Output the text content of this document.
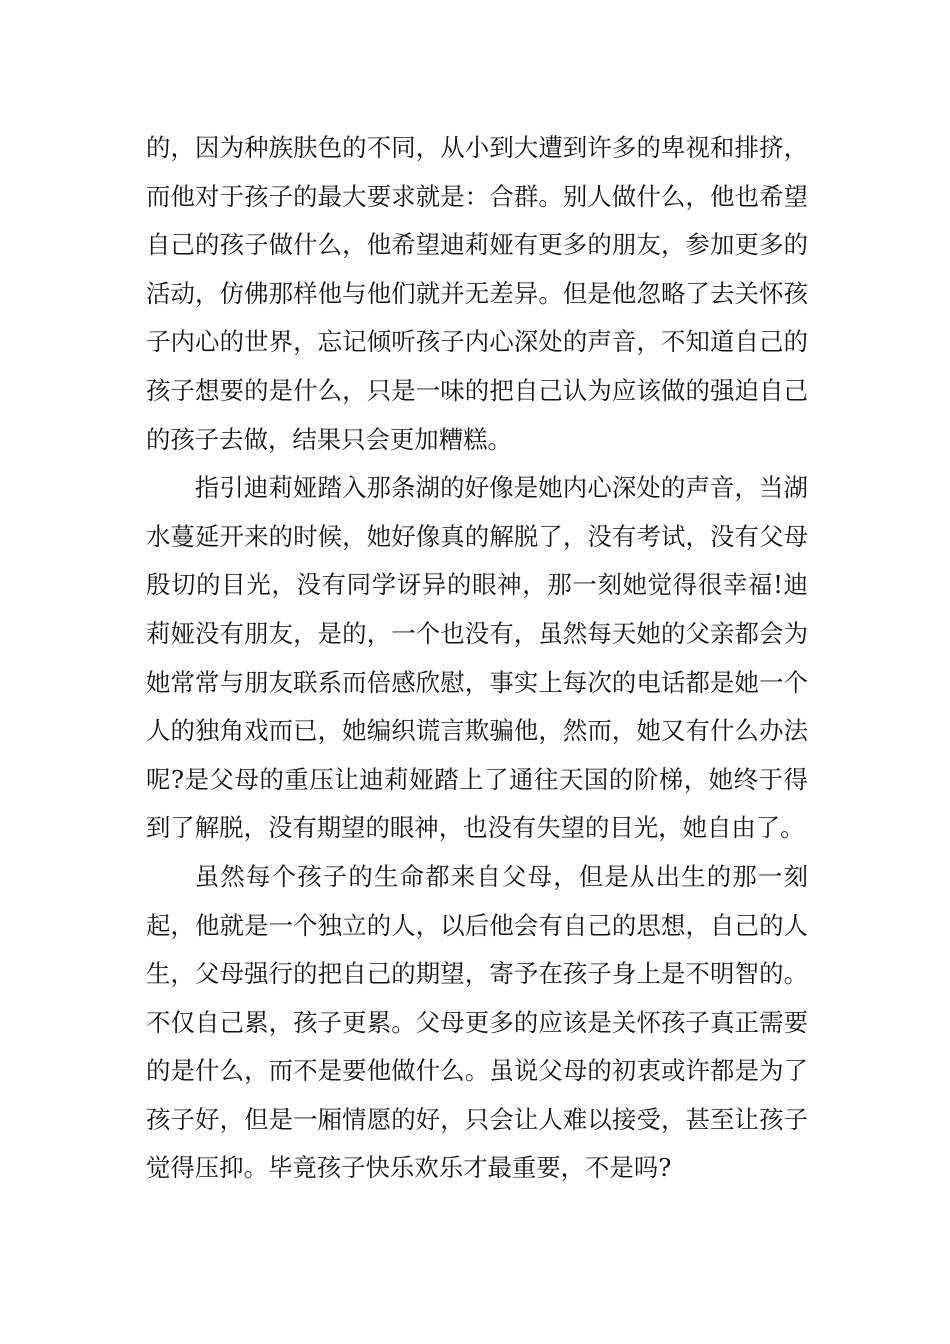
的，因为种族肤色的不同，从小到大遭到许多的卑视和排挤，而他对于孩子的最大要求就是：合群。别人做什么，他也希望自己的孩子做什么，他希望迪莉娅有更多的朋友，参加更多的活动，仿佛那样他与他们就并无差异。但是他忽略了去关怀孩子内心的世界，忘记倾听孩子内心深处的声音，不知道自己的孩子想要的是什么，只是一味的把自己认为应该做的强迫自己的孩子去做，结果只会更加糟糕。

指引迪莉娅踏入那条湖的好像是她内心深处的声音，当湖水蔓延开来的时候，她好像真的解脱了，没有考试，没有父母殷切的目光，没有同学讶异的眼神，那一刻她觉得很幸福!迪莉娅没有朋友，是的，一个也没有，虽然每天她的父亲都会为她常常与朋友联系而倍感欣慰，事实上每次的电话都是她一个人的独角戏而已，她编织谎言欺骗他，然而，她又有什么办法呢?是父母的重压让迪莉娅踏上了通往天国的阶梯，她终于得到了解脱，没有期望的眼神，也没有失望的目光，她自由了。

虽然每个孩子的生命都来自父母，但是从出生的那一刻起，他就是一个独立的人，以后他会有自己的思想，自己的人生，父母强行的把自己的期望，寄予在孩子身上是不明智的。不仅自己累，孩子更累。父母更多的应该是关怀孩子真正需要的是什么，而不是要他做什么。虽说父母的初衷或许都是为了孩子好，但是一厢情愿的好，只会让人难以接受，甚至让孩子觉得压抑。毕竟孩子快乐欢乐才最重要，不是吗?
